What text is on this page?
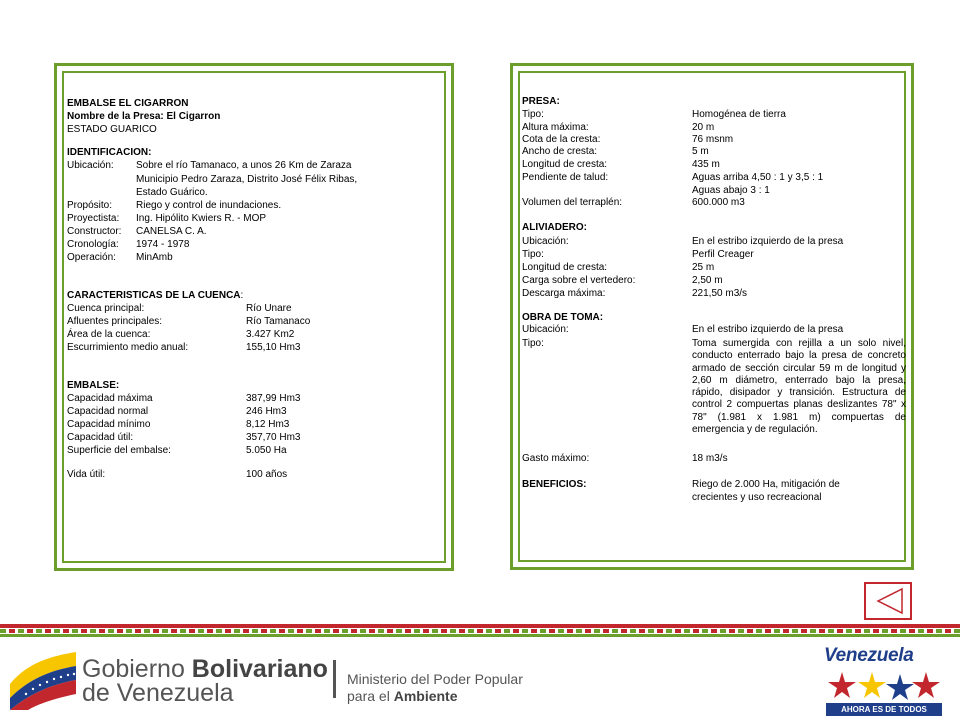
EMBALSE EL CIGARRON
Nombre de la Presa: El Cigarron
ESTADO GUARICO
IDENTIFICACION:
Ubicación: Sobre el río Tamanaco, a unos 26 Km de Zaraza
Municipio Pedro Zaraza, Distrito José Félix Ribas,
Estado Guárico.
Propósito: Riego y control de inundaciones.
Proyectista: Ing. Hipólito Kwiers R. - MOP
Constructor: CANELSA C. A.
Cronología: 1974 - 1978
Operación: MinAmb
CARACTERISTICAS DE LA CUENCA:
Cuenca principal:	Río Unare
Afluentes principales:	Río Tamanaco
Área de la cuenca:	3.427 Km2
Escurrimiento medio anual:	155,10 Hm3
EMBALSE:
Capacidad máxima	387,99 Hm3
Capacidad normal	246 Hm3
Capacidad mínimo	8,12 Hm3
Capacidad útil:	357,70 Hm3
Superficie del embalse:	5.050 Ha
Vida útil:	100 años
PRESA:
Tipo:	Homogénea de tierra
Altura máxima:	20 m
Cota de la cresta:	76 msnm
Ancho de cresta:	5 m
Longitud de cresta:	435 m
Pendiente de talud:	Aguas arriba 4,50 : 1 y 3,5 : 1
Aguas abajo 3 : 1
Volumen del terraplén:	600.000 m3
ALIVIADERO:
Ubicación:	En el estribo izquierdo de la presa
Tipo:	Perfil Creager
Longitud de cresta:	25 m
Carga sobre el vertedero:	2,50 m
Descarga máxima:	221,50 m3/s
OBRA DE TOMA:
Ubicación:	En el estribo izquierdo de la presa
Tipo:	Toma sumergida con rejilla a un solo nivel, conducto enterrado bajo la presa de concreto armado de sección circular 59 m de longitud y 2,60 m diámetro, enterrado bajo la presa, rápido, disipador y transición. Estructura de control 2 compuertas planas deslizantes 78" x 78" (1.981 x 1.981 m) compuertas de emergencia y de regulación.
Gasto máximo:	18 m3/s
BENEFICIOS:	Riego de 2.000 Ha, mitigación de
crecientes y uso recreacional
Gobierno Bolivariano
de Venezuela	Ministerio del Poder Popular
para el Ambiente
Venezuela
AHORA ES DE TODOS
